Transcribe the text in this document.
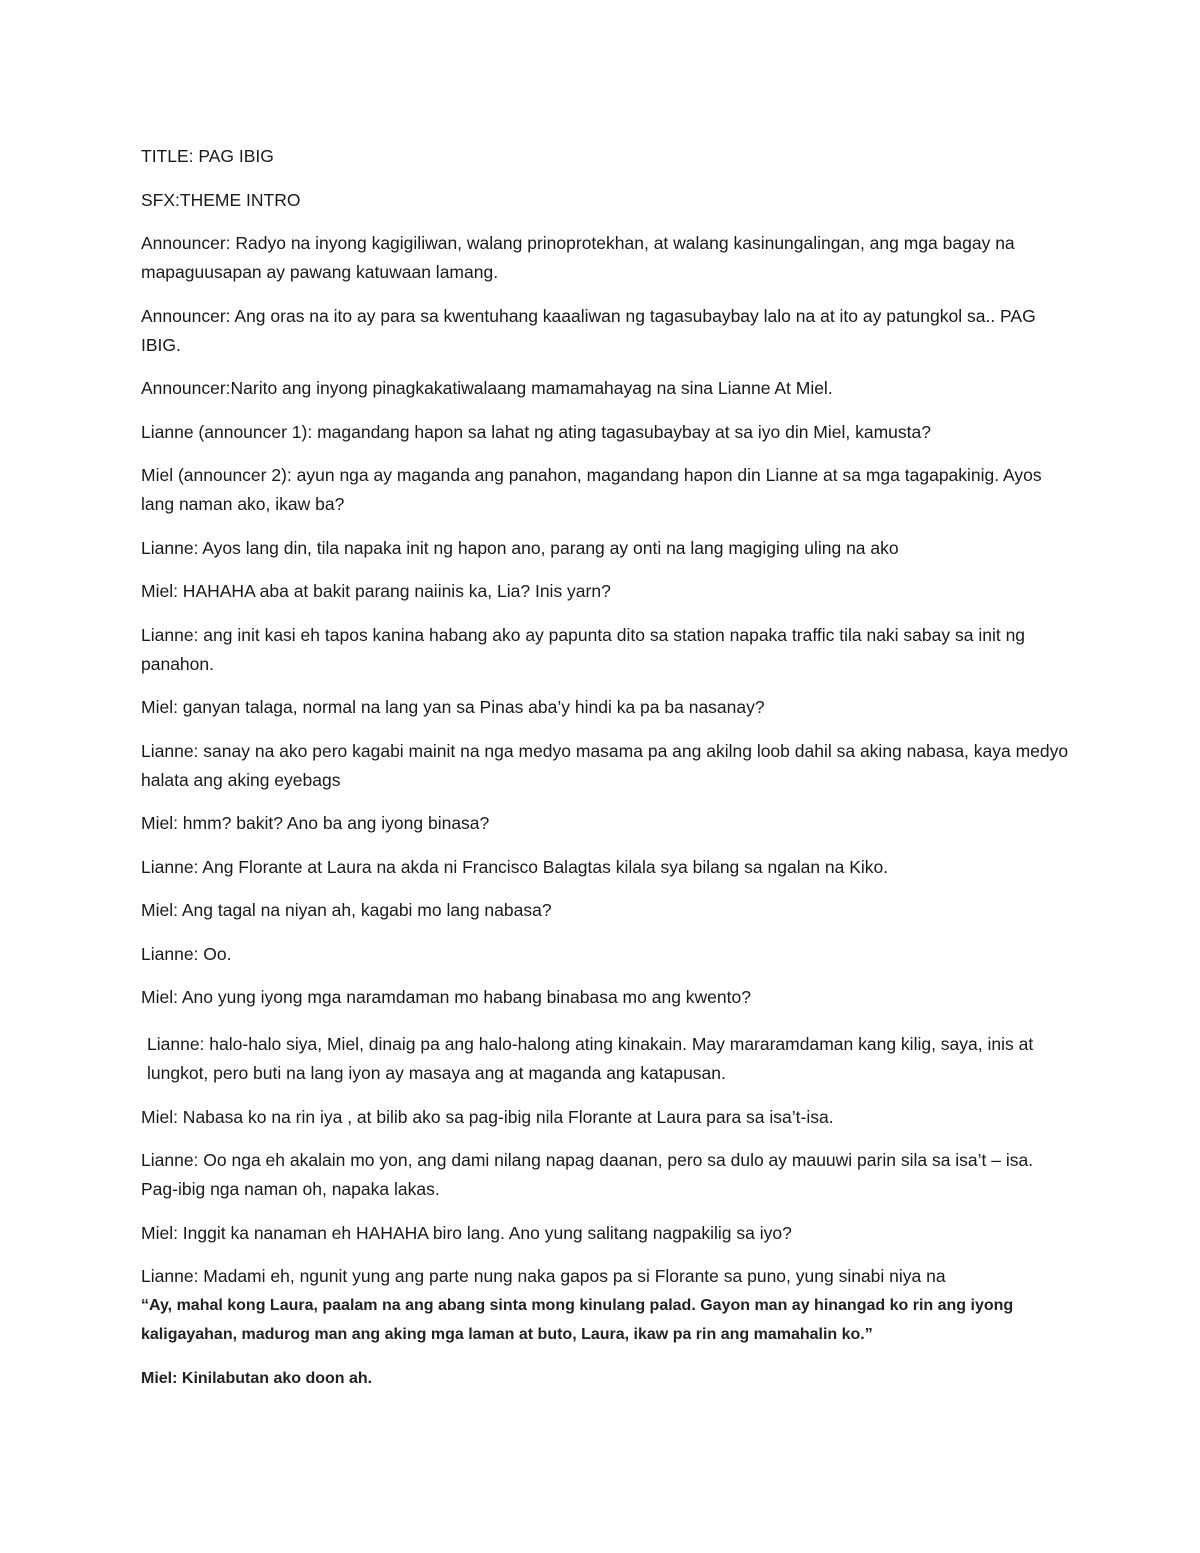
TITLE: PAG IBIG

SFX:THEME INTRO

Announcer: Radyo na inyong kagigiliwan, walang prinoprotekhan, at walang kasinungalingan, ang mga bagay na mapaguusapan ay pawang katuwaan lamang.

Announcer: Ang oras na ito ay para sa kwentuhang kaaaliwan ng tagasubaybay lalo na at ito ay patungkol sa.. PAG IBIG.

Announcer:Narito ang inyong pinagkakatiwalaang mamamahayag na sina Lianne At Miel.

Lianne (announcer 1): magandang hapon sa lahat ng ating tagasubaybay at sa iyo din Miel, kamusta?

Miel (announcer 2): ayun nga ay maganda ang panahon, magandang hapon din Lianne at sa mga tagapakinig. Ayos lang naman ako, ikaw ba?

Lianne: Ayos lang din, tila napaka init ng hapon ano, parang ay onti na lang magiging uling na ako

Miel: HAHAHA aba at bakit parang naiinis ka, Lia? Inis yarn?

Lianne: ang init kasi eh tapos kanina habang ako ay papunta dito sa station napaka traffic tila naki sabay sa init ng panahon.

Miel: ganyan talaga, normal na lang yan sa Pinas aba’y hindi ka pa ba nasanay?

Lianne: sanay na ako pero kagabi mainit na nga medyo masama pa ang akilng loob dahil sa aking nabasa, kaya medyo halata ang aking eyebags

Miel: hmm? bakit? Ano ba ang iyong binasa?

Lianne: Ang Florante at Laura na akda ni Francisco Balagtas kilala sya bilang sa ngalan na Kiko.

Miel: Ang tagal na niyan ah, kagabi mo lang nabasa?

Lianne: Oo.

Miel: Ano yung iyong mga naramdaman mo habang binabasa mo ang kwento?

Lianne: halo-halo siya, Miel, dinaig pa ang halo-halong ating kinakain. May mararamdaman kang kilig, saya, inis at lungkot, pero buti na lang iyon ay masaya ang at maganda ang katapusan.

Miel: Nabasa ko na rin iya , at bilib ako sa pag-ibig nila Florante at Laura para sa isa’t-isa.

Lianne: Oo nga eh akalain mo yon, ang dami nilang napag daanan, pero sa dulo ay mauuwi parin sila sa isa’t – isa. Pag-ibig nga naman oh, napaka lakas.

Miel: Inggit ka nanaman eh HAHAHA biro lang. Ano yung salitang nagpakilig sa iyo?

Lianne: Madami eh, ngunit yung ang parte nung naka gapos pa si Florante sa puno, yung sinabi niya na
“Ay, mahal kong Laura, paalam na ang abang sinta mong kinulang palad. Gayon man ay hinangad ko rin ang iyong kaligayahan, madurog man ang aking mga laman at buto, Laura, ikaw pa rin ang mamahalin ko.”

Miel: Kinilabutan ako doon ah.
